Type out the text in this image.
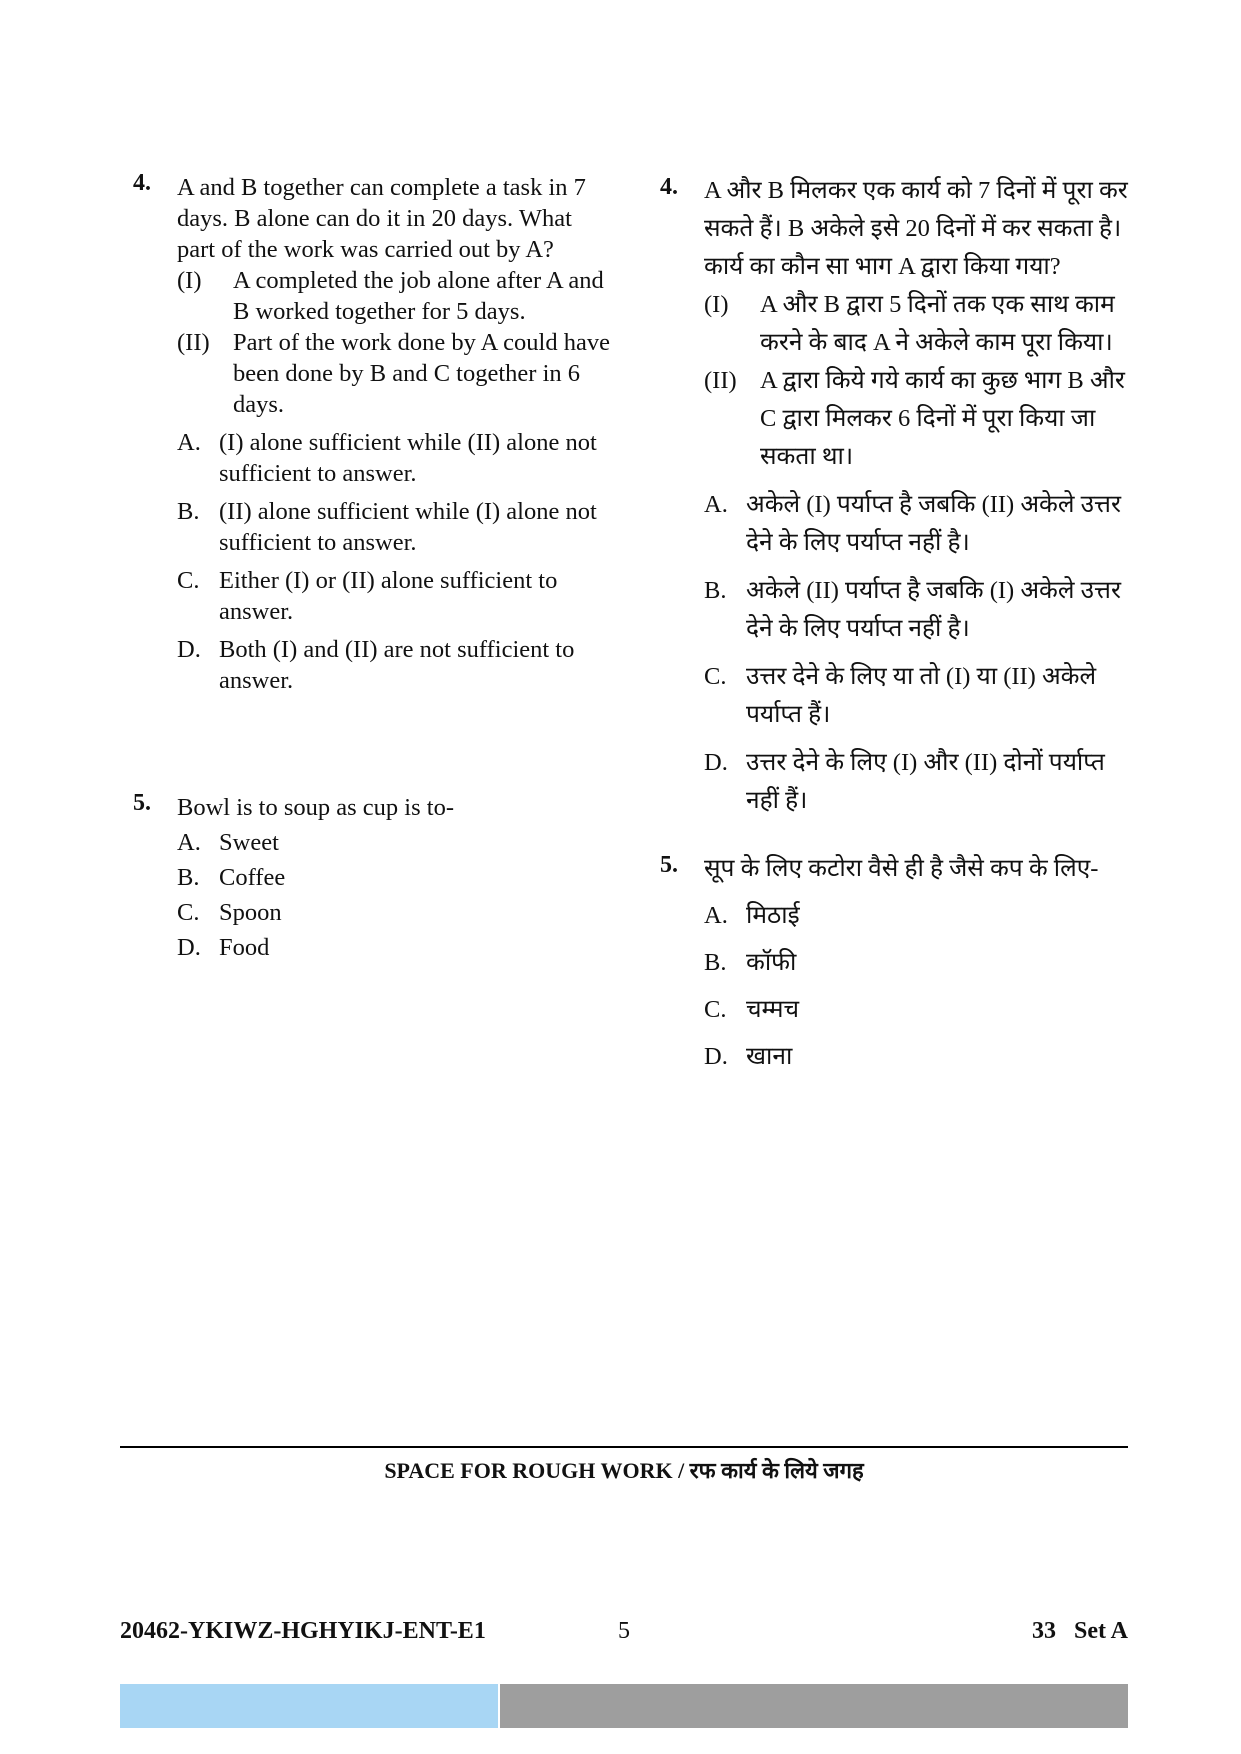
4. A and B together can complete a task in 7 days. B alone can do it in 20 days. What part of the work was carried out by A?

(I) A completed the job alone after A and B worked together for 5 days.
(II) Part of the work done by A could have been done by B and C together in 6 days.
A. (I) alone sufficient while (II) alone not sufficient to answer.
B. (II) alone sufficient while (I) alone not sufficient to answer.
C. Either (I) or (II) alone sufficient to answer.
D. Both (I) and (II) are not sufficient to answer.
5. Bowl is to soup as cup is to-

A. Sweet
B. Coffee
C. Spoon
D. Food
4. A और B मिलकर एक कार्य को 7 दिनों में पूरा कर सकते हैं। B अकेले इसे 20 दिनों में कर सकता है। कार्य का कौन सा भाग A द्वारा किया गया?

(I) A और B द्वारा 5 दिनों तक एक साथ काम करने के बाद A ने अकेले काम पूरा किया।
(II) A द्वारा किये गये कार्य का कुछ भाग B और C द्वारा मिलकर 6 दिनों में पूरा किया जा सकता था।
A. अकेले (I) पर्याप्त है जबकि (II) अकेले उत्तर देने के लिए पर्याप्त नहीं है।
B. अकेले (II) पर्याप्त है जबकि (I) अकेले उत्तर देने के लिए पर्याप्त नहीं है।
C. उत्तर देने के लिए या तो (I) या (II) अकेले पर्याप्त हैं।
D. उत्तर देने के लिए (I) और (II) दोनों पर्याप्त नहीं हैं।
5. सूप के लिए कटोरा वैसे ही है जैसे कप के लिए-

A. मिठाई
B. कॉफी
C. चम्मच
D. खाना
SPACE FOR ROUGH WORK / रफ कार्य के लिये जगह
20462-YKIWZ-HGHYIKJ-ENT-E1	5	33   Set A
